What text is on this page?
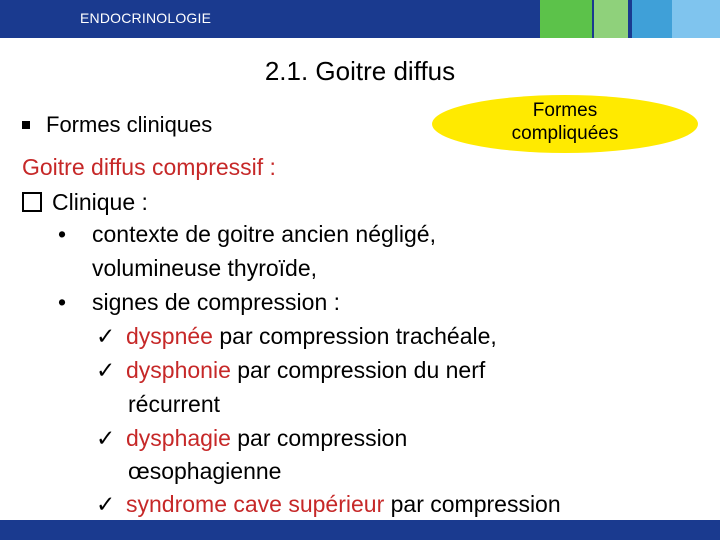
ENDOCRINOLOGIE
2.1. Goitre diffus
Formes cliniques
Formes
compliquées
Goitre diffus compressif :
Clinique :
• contexte de goitre ancien négligé,
volumineuse thyroïde,
• signes de compression :
✓ dyspnée par compression trachéale,
✓ dysphonie par compression du nerf
récurrent
✓ dysphagie par compression
œsophagienne
✓ syndrome cave supérieur par compression
